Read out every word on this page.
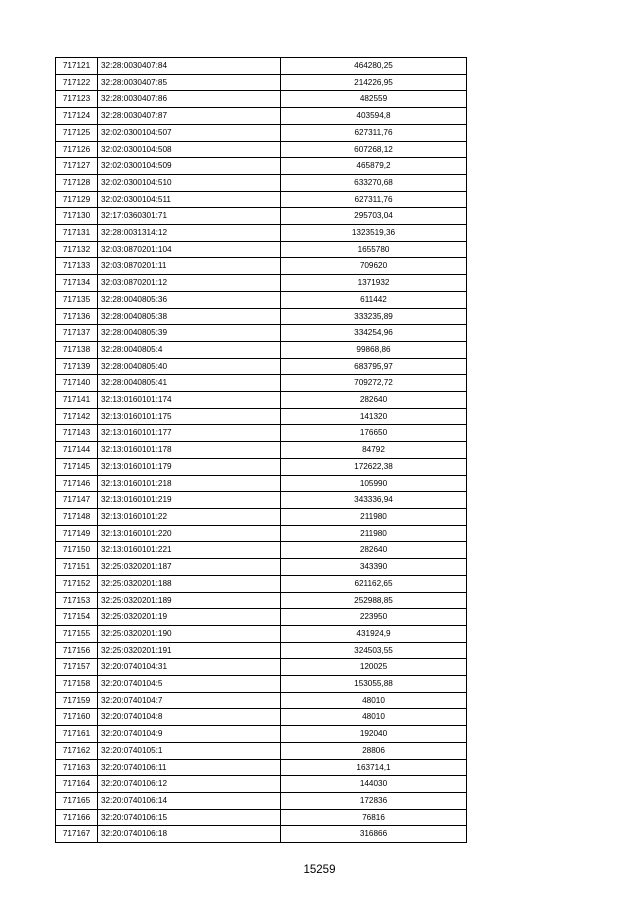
717121	32:28:0030407:84	464280,25
717122	32:28:0030407:85	214226,95
717123	32:28:0030407:86	482559
717124	32:28:0030407:87	403594,8
717125	32:02:0300104:507	627311,76
717126	32:02:0300104:508	607268,12
717127	32:02:0300104:509	465879,2
717128	32:02:0300104:510	633270,68
717129	32:02:0300104:511	627311,76
717130	32:17:0360301:71	295703,04
717131	32:28:0031314:12	1323519,36
717132	32:03:0870201:104	1655780
717133	32:03:0870201:11	709620
717134	32:03:0870201:12	1371932
717135	32:28:0040805:36	611442
717136	32:28:0040805:38	333235,89
717137	32:28:0040805:39	334254,96
717138	32:28:0040805:4	99868,86
717139	32:28:0040805:40	683795,97
717140	32:28:0040805:41	709272,72
717141	32:13:0160101:174	282640
717142	32:13:0160101:175	141320
717143	32:13:0160101:177	176650
717144	32:13:0160101:178	84792
717145	32:13:0160101:179	172622,38
717146	32:13:0160101:218	105990
717147	32:13:0160101:219	343336,94
717148	32:13:0160101:22	211980
717149	32:13:0160101:220	211980
717150	32:13:0160101:221	282640
717151	32:25:0320201:187	343390
717152	32:25:0320201:188	621162,65
717153	32:25:0320201:189	252988,85
717154	32:25:0320201:19	223950
717155	32:25:0320201:190	431924,9
717156	32:25:0320201:191	324503,55
717157	32:20:0740104:31	120025
717158	32:20:0740104:5	153055,88
717159	32:20:0740104:7	48010
717160	32:20:0740104:8	48010
717161	32:20:0740104:9	192040
717162	32:20:0740105:1	28806
717163	32:20:0740106:11	163714,1
717164	32:20:0740106:12	144030
717165	32:20:0740106:14	172836
717166	32:20:0740106:15	76816
717167	32:20:0740106:18	316866
15259
